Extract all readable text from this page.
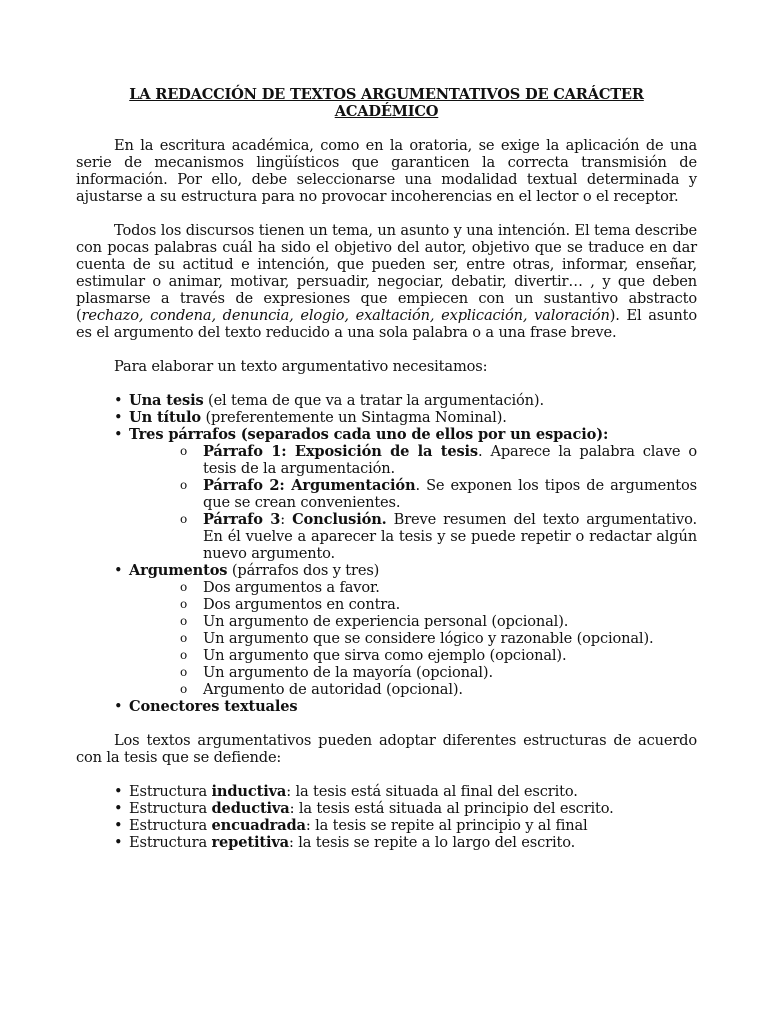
LA REDACCIÓN DE TEXTOS ARGUMENTATIVOS DE CARÁCTER ACADÉMICO

En la escritura académica, como en la oratoria, se exige la aplicación de una serie de mecanismos lingüísticos que garanticen la correcta transmisión de información. Por ello, debe seleccionarse una modalidad textual determinada y ajustarse a su estructura para no provocar incoherencias en el lector o el receptor.

Todos los discursos tienen un tema, un asunto y una intención. El tema describe con pocas palabras cuál ha sido el objetivo del autor, objetivo que se traduce en dar cuenta de su actitud e intención, que pueden ser, entre otras, informar, enseñar, estimular o animar, motivar, persuadir, negociar, debatir, divertir… , y que deben plasmarse a través de expresiones que empiecen con un sustantivo abstracto (rechazo, condena, denuncia, elogio, exaltación, explicación, valoración). El asunto es el argumento del texto reducido a una sola palabra o a una frase breve.

Para elaborar un texto argumentativo necesitamos:

• Una tesis (el tema de que va a tratar la argumentación).
• Un título (preferentemente un Sintagma Nominal).
• Tres párrafos (separados cada uno de ellos por un espacio):
o Párrafo 1: Exposición de la tesis. Aparece la palabra clave o tesis de la argumentación.
o Párrafo 2: Argumentación. Se exponen los tipos de argumentos que se crean convenientes.
o Párrafo 3: Conclusión. Breve resumen del texto argumentativo. En él vuelve a aparecer la tesis y se puede repetir o redactar algún nuevo argumento.
• Argumentos (párrafos dos y tres)
o Dos argumentos a favor.
o Dos argumentos en contra.
o Un argumento de experiencia personal (opcional).
o Un argumento que se considere lógico y razonable (opcional).
o Un argumento que sirva como ejemplo (opcional).
o Un argumento de la mayoría (opcional).
o Argumento de autoridad (opcional).
• Conectores textuales

Los textos argumentativos pueden adoptar diferentes estructuras de acuerdo con la tesis que se defiende:

• Estructura inductiva: la tesis está situada al final del escrito.
• Estructura deductiva: la tesis está situada al principio del escrito.
• Estructura encuadrada: la tesis se repite al principio y al final
• Estructura repetitiva: la tesis se repite a lo largo del escrito.
